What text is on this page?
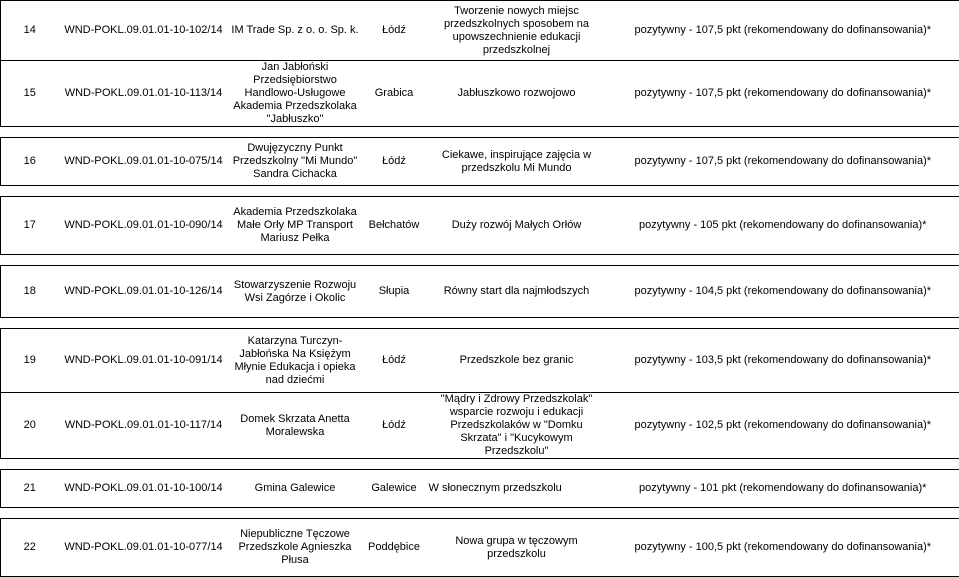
14	WND-POKL.09.01.01-10-102/14	IM Trade Sp. z o. o. Sp. k.	Łódź	Tworzenie nowych miejsc przedszkolnych sposobem na upowszechnienie edukacji przedszkolnej	pozytywny - 107,5 pkt (rekomendowany do dofinansowania)*
15	WND-POKL.09.01.01-10-113/14	Jan Jabłoński Przedsiębiorstwo Handlowo-Usługowe Akademia Przedszkolaka "Jabłuszko"	Grabica	Jabłuszkowo rozwojowo	pozytywny - 107,5 pkt (rekomendowany do dofinansowania)*

16	WND-POKL.09.01.01-10-075/14	Dwujęzyczny Punkt Przedszkolny "Mi Mundo" Sandra Cichacka	Łódź	Ciekawe, inspirujące zajęcia w przedszkolu Mi Mundo	pozytywny - 107,5 pkt (rekomendowany do dofinansowania)*

17	WND-POKL.09.01.01-10-090/14	Akademia Przedszkolaka Małe Orły MP Transport Mariusz Pełka	Bełchatów	Duży rozwój Małych Orłów	pozytywny - 105 pkt (rekomendowany do dofinansowania)*

18	WND-POKL.09.01.01-10-126/14	Stowarzyszenie Rozwoju Wsi Zagórze i Okolic	Słupia	Równy start dla najmłodszych	pozytywny - 104,5 pkt (rekomendowany do dofinansowania)*

19	WND-POKL.09.01.01-10-091/14	Katarzyna Turczyn-Jabłońska Na Księżym Młynie Edukacja i opieka nad dziećmi	Łódź	Przedszkole bez granic	pozytywny - 103,5 pkt (rekomendowany do dofinansowania)*
20	WND-POKL.09.01.01-10-117/14	Domek Skrzata Anetta Moralewska	Łódź	"Mądry i Zdrowy Przedszkolak" wsparcie rozwoju i edukacji Przedszkolaków w "Domku Skrzata" i "Kucykowym Przedszkolu"	pozytywny - 102,5 pkt (rekomendowany do dofinansowania)*

21	WND-POKL.09.01.01-10-100/14	Gmina Galewice	Galewice	W słonecznym przedszkolu	pozytywny - 101 pkt (rekomendowany do dofinansowania)*

22	WND-POKL.09.01.01-10-077/14	Niepubliczne Tęczowe Przedszkole Agnieszka Płusa	Poddębice	Nowa grupa w tęczowym przedszkolu	pozytywny - 100,5 pkt (rekomendowany do dofinansowania)*
